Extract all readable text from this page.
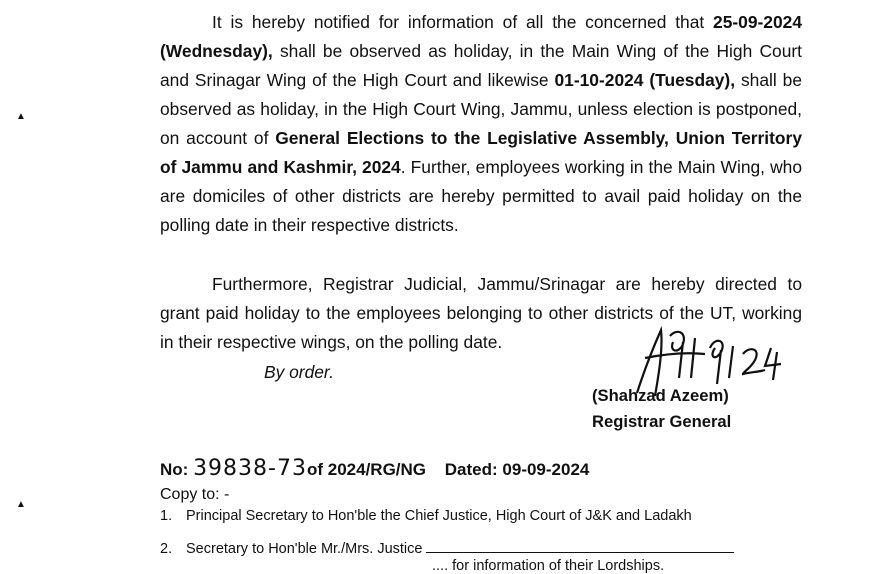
▲
▲

It is hereby notified for information of all the concerned that 25-09-2024 (Wednesday), shall be observed as holiday, in the Main Wing of the High Court and Srinagar Wing of the High Court and likewise 01-10-2024 (Tuesday), shall be observed as holiday, in the High Court Wing, Jammu, unless election is postponed, on account of General Elections to the Legislative Assembly, Union Territory of Jammu and Kashmir, 2024. Further, employees working in the Main Wing, who are domiciles of other districts are hereby permitted to avail paid holiday on the polling date in their respective districts.

Furthermore, Registrar Judicial, Jammu/Srinagar are hereby directed to grant paid holiday to the employees belonging to other districts of the UT, working in their respective wings, on the polling date.

By order.
(Shahzad Azeem)
Registrar General
No: 39838-73of 2024/RG/NG Dated: 09-09-2024
Copy to: -
1. Principal Secretary to Hon'ble the Chief Justice, High Court of J&K and Ladakh
2. Secretary to Hon'ble Mr./Mrs. Justice
.... for information of their Lordships.
